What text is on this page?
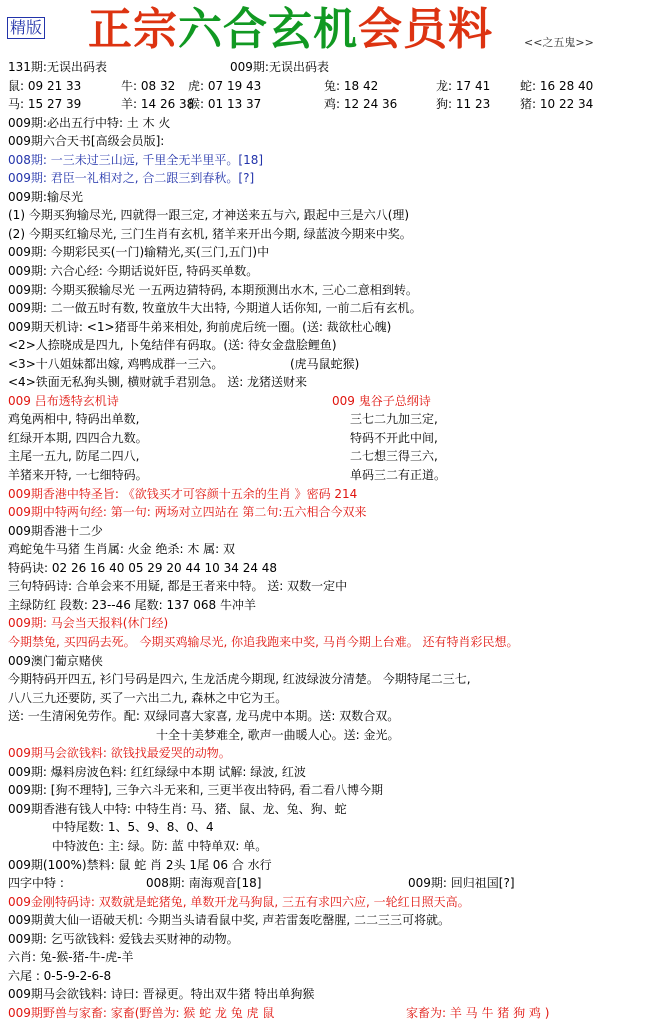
精版 正宗六合玄机会员料	<<之五鬼>>
131期:无误出码表	009期:无误出码表
鼠: 09 21 33	牛: 08 32 虎: 07 19 43	兔: 18 42	龙: 17 41 蛇: 16 28 40
马: 15 27 39	羊: 14 26 38猴: 01 13 37	鸡: 12 24 36	狗: 11 23 猪: 10 22 34
009期:必出五行中特: 土 木 火
009期六合天书[高级会员版]:
008期: 一三未过三山远, 千里全无半里平。[18]
009期: 君臣一礼相对之, 合二跟三到春秋。[?]
009期:输尽光
(1) 今期买狗输尽光, 四就得一跟三定, 才神送来五与六, 跟起中三是六八(理)
(2) 今期买红输尽光, 三门生肖有玄机, 猪羊来开出今期, 绿蓝波今期来中奖。
009期: 今期彩民买(一门)输精光,买(三门,五门)中
009期: 六合心经: 今期话说奸臣, 特码买单数。
009期: 今期买猴输尽光 一五两边猜特码, 本期预测出水木, 三心二意相到转。
009期: 二一做五时有数, 牧童放牛大出特, 今期道人话你知, 一前二后有玄机。
009期天机诗: <1>猪哥牛弟来相处, 狗前虎后统一圈。(送: 裁欲杜心魄)
<2>人捺晓成是四九, 卜兔结伴有码取。(送: 待女金盘脍鲤鱼)
<3>十八姐妹都出嫁, 鸡鸭成群一三六。	(虎马鼠蛇猴)
<4>铁面无私狗头铡, 横财就手君别急。 送: 龙猪送财来
009 吕布透特玄机诗	009 鬼谷子总纲诗
鸡兔两相中, 特码出单数,	三七二九加三定,
红绿开本期, 四四合九数。	特码不开此中间,
主尾一五九, 防尾二四八,	二七想三得三六,
羊猪来开特, 一七细特码。	单码三二有正道。
009期香港中特圣旨: 《欲钱买才可容颜十五余的生肖 》密码 214
009期中特两句经: 第一句: 两场对立四站在 第二句:五六相合今双来
009期香港十二少
鸡蛇兔牛马猪 生肖属: 火金 绝杀: 木 属: 双
特码诀: 02 26 16 40 05 29 20 44 10 34 24 48
三句特码诗: 合单会来不用疑, 都是王者来中特。 送: 双数一定中
主绿防红 段数: 23--46 尾数: 137 068 牛冲羊
009期: 马会当天报料(休门经)
今期禁兔, 买四码去死。 今期买鸡输尽光, 你追我跑来中奖, 马肖今期上台难。 还有特肖彩民想。
009澳门葡京赌侠
今期特码开四五, 衫门号码是四六, 生龙活虎今期现, 红波绿波分清楚。 今期特尾二三七,
八八三九还要防, 买了一六出二九, 森林之中它为王。
送: 一生清闲免劳作。配: 双绿同喜大家喜, 龙马虎中本期。送: 双数合双。
十全十美梦难全, 歌声一曲暖人心。送: 金光。
009期马会欲钱料: 欲钱找最爱哭的动物。
009期: 爆料房波色料: 红红绿绿中本期 试解: 绿波, 红波
009期: [狗不理特], 三争六斗无来和, 三更半夜出特码, 看二看八博今期
009期香港有钱人中特: 中特生肖: 马、猪、鼠、龙、兔、狗、蛇
中特尾数: 1、5、9、8、0、4
中特波色: 主: 绿。防: 蓝 中特单双: 单。
009期(100%)禁料: 鼠 蛇 肖 2头 1尾 06 合 水行
四字中特 :	008期: 南海观音[18]	009期: 回归祖国[?]
009金刚特码诗: 双数就是蛇猪兔, 单数开龙马狗鼠, 三五有求四六应, 一轮红日照天高。
009期黄大仙一语破天机: 今期当头请看鼠中奖, 声若雷轰吃罄腥, 二二三三可将就。
009期: 乞丐欲钱料: 爱钱去买财神的动物。
六肖: 兔-猴-猪-牛-虎-羊
六尾 : 0-5-9-2-6-8
009期马会欲钱料: 诗曰: 晋禄更。特出双牛猪 特出单狗猴
009期野兽与家畜: 家畜(野兽为: 猴 蛇 龙 兔 虎 鼠	家畜为: 羊 马 牛 猪 狗 鸡 )
